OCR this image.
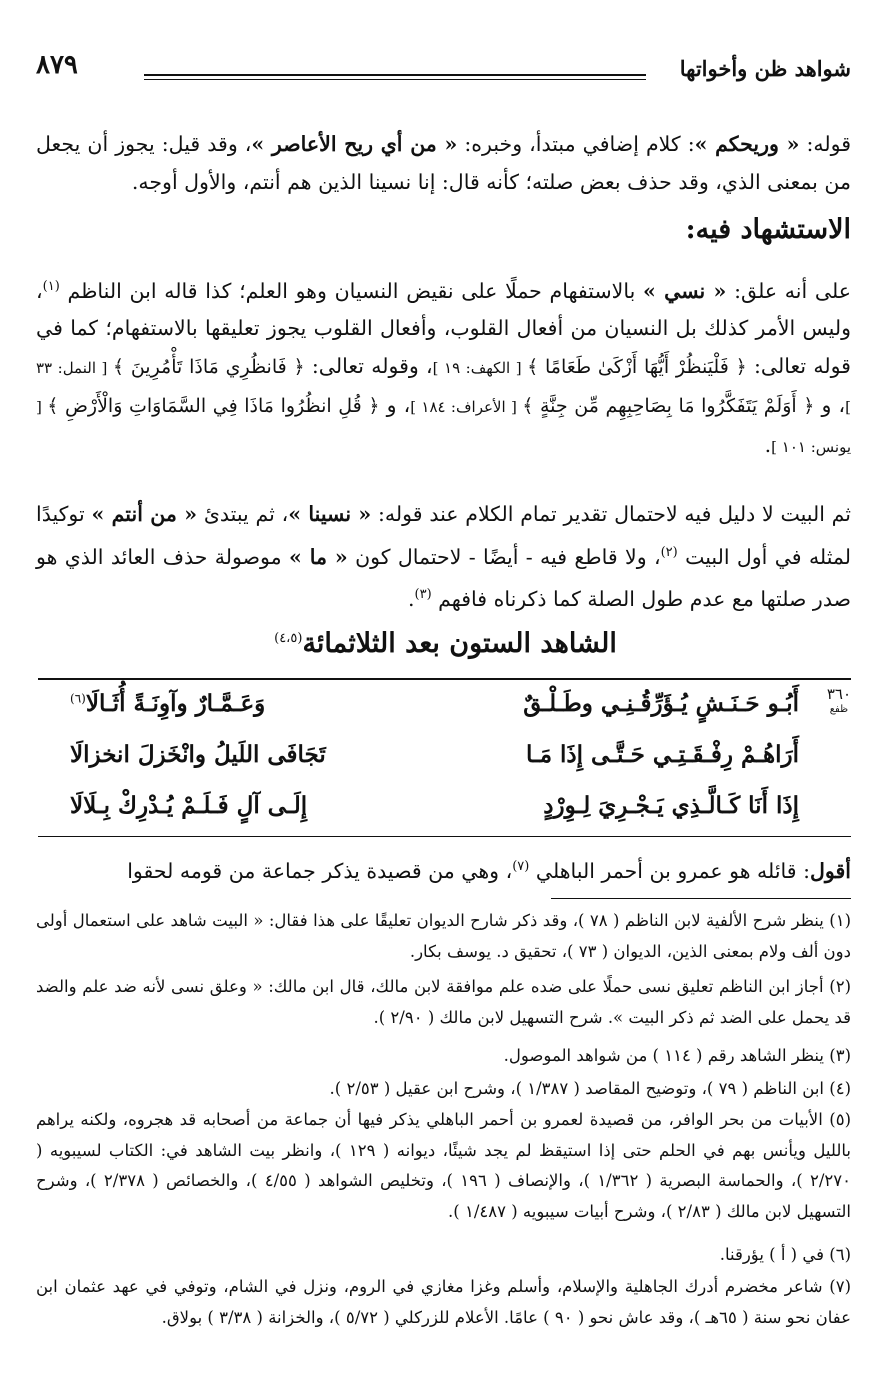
شواهد ظن وأخواتها
٨٧٩
قوله: « وريحكم »: كلام إضافي مبتدأ، وخبره: « من أي ريح الأعاصر »، وقد قيل: يجوز أن يجعل من بمعنى الذي، وقد حذف بعض صلته؛ كأنه قال: إنا نسينا الذين هم أنتم، والأول أوجه.
الاستشهاد فيه:
على أنه علق: « نسي » بالاستفهام حملًا على نقيض النسيان وهو العلم؛ كذا قاله ابن الناظم $^{(١)}$، وليس الأمر كذلك بل النسيان من أفعال القلوب، وأفعال القلوب يجوز تعليقها بالاستفهام؛ كما في قوله تعالى: ﴿ فَلْيَنظُرْ أَيُّهَا أَزْكَىٰ طَعَامًا ﴾ [ الكهف: ١٩ ]، وقوله تعالى: ﴿ فَانظُرِي مَاذَا تَأْمُرِينَ ﴾ [ النمل: ٣٣ ]، و ﴿ أَوَلَمْ يَتَفَكَّرُوا مَا بِصَاحِبِهِم مِّن جِنَّةٍ ﴾ [ الأعراف: ١٨٤ ]، و ﴿ قُلِ انظُرُوا مَاذَا فِي السَّمَاوَاتِ وَالْأَرْضِ ﴾ [ يونس: ١٠١ ].
ثم البيت لا دليل فيه لاحتمال تقدير تمام الكلام عند قوله: « نسينا »، ثم يبتدئ « من أنتم » توكيدًا لمثله في أول البيت $^{(٢)}$، ولا قاطع فيه - أيضًا - لاحتمال كون « ما » موصولة حذف العائد الذي هو صدر صلتها مع عدم طول الصلة كما ذكرناه فافهم $^{(٣)}$.
الشاهد الستون بعد الثلاثمائة$^{(٤،٥)}$
٣٦٠
ظفع
أَبُـو حَـنَـشٍ يُـؤَرِّقُـنِـي وطَـلْـقٌ
وَعَـمَّـارٌ وآوِنَـةً أُثَـالَا$^{(٦)}$
أَرَاهُـمْ رِفْـقَـتِـي حَـتَّـى إِذَا مَـا
تَجَافَى اللَيلُ وانْخَزلَ انخزالَا
إِذَا أَنَا كَـالَّـذِي يَـجْـرِيَ لِـوِرْدٍ
إِلَـى آلٍ فَـلَـمْ يُـدْرِكْ بِـلَالَا
أقول: قائله هو عمرو بن أحمر الباهلي $^{(٧)}$، وهي من قصيدة يذكر جماعة من قومه لحقوا
(١) ينظر شرح الألفية لابن الناظم ( ٧٨ )، وقد ذكر شارح الديوان تعليقًا على هذا فقال: « البيت شاهد على استعمال أولى دون ألف ولام بمعنى الذين، الديوان ( ٧٣ )، تحقيق د. يوسف بكار.
(٢) أجاز ابن الناظم تعليق نسى حملًا على ضده علم موافقة لابن مالك، قال ابن مالك: « وعلق نسى لأنه ضد علم والضد قد يحمل على الضد ثم ذكر البيت ». شرح التسهيل لابن مالك ( ٢/٩٠ ).
(٣) ينظر الشاهد رقم ( ١١٤ ) من شواهد الموصول.
(٤) ابن الناظم ( ٧٩ )، وتوضيح المقاصد ( ١/٣٨٧ )، وشرح ابن عقيل ( ٢/٥٣ ).
(٥) الأبيات من بحر الوافر، من قصيدة لعمرو بن أحمر الباهلي يذكر فيها أن جماعة من أصحابه قد هجروه، ولكنه يراهم بالليل ويأنس بهم في الحلم حتى إذا استيقظ لم يجد شيئًا، ديوانه ( ١٢٩ )، وانظر بيت الشاهد في: الكتاب لسيبويه ( ٢/٢٧٠ )، والحماسة البصرية ( ١/٣٦٢ )، والإنصاف ( ١٩٦ )، وتخليص الشواهد ( ٤/٥٥ )، والخصائص ( ٢/٣٧٨ )، وشرح التسهيل لابن مالك ( ٢/٨٣ )، وشرح أبيات سيبويه ( ١/٤٨٧ ).
(٦) في ( أ ) يؤرقنا.
(٧) شاعر مخضرم أدرك الجاهلية والإسلام، وأسلم وغزا مغازي في الروم، ونزل في الشام، وتوفي في عهد عثمان ابن عفان نحو سنة ( ٦٥هـ )، وقد عاش نحو ( ٩٠ ) عامًا. الأعلام للزركلي ( ٥/٧٢ )، والخزانة ( ٣/٣٨ ) بولاق.
